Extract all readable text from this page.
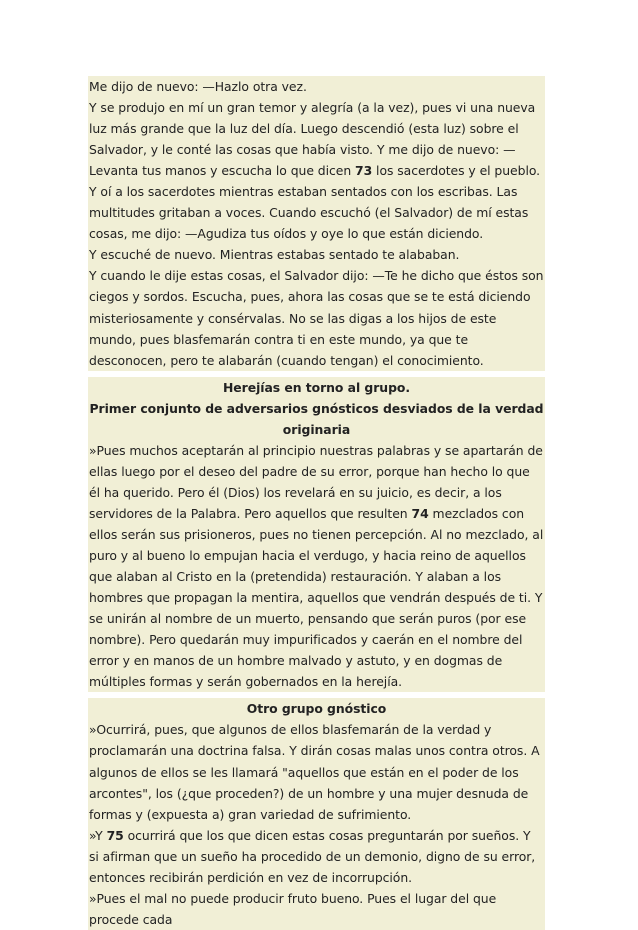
Me dijo de nuevo: —Hazlo otra vez.

Y se produjo en mí un gran temor y alegría (a la vez), pues vi una nueva luz más grande que la luz del día. Luego descendió (esta luz) sobre el Salvador, y le conté las cosas que había visto. Y me dijo de nuevo: —Levanta tus manos y escucha lo que dicen 73 los sacerdotes y el pueblo.

Y oí a los sacerdotes mientras estaban sentados con los escribas. Las multitudes gritaban a voces. Cuando escuchó (el Salvador) de mí estas cosas, me dijo: —Agudiza tus oídos y oye lo que están diciendo.

Y escuché de nuevo. Mientras estabas sentado te alababan.

Y cuando le dije estas cosas, el Salvador dijo: —Te he dicho que éstos son ciegos y sordos. Escucha, pues, ahora las cosas que se te está diciendo misteriosamente y consérvalas. No se las digas a los hijos de este mundo, pues blasfemarán contra ti en este mundo, ya que te desconocen, pero te alabarán (cuando tengan) el conocimiento.

Herejías en torno al grupo.

Primer conjunto de adversarios gnósticos desviados de la verdad originaria

»Pues muchos aceptarán al principio nuestras palabras y se apartarán de ellas luego por el deseo del padre de su error, porque han hecho lo que él ha querido. Pero él (Dios) los revelará en su juicio, es decir, a los servidores de la Palabra. Pero aquellos que resulten 74 mezclados con ellos serán sus prisioneros, pues no tienen percepción. Al no mezclado, al puro y al bueno lo empujan hacia el verdugo, y hacia reino de aquellos que alaban al Cristo en la (pretendida) restauración. Y alaban a los hombres que propagan la mentira, aquellos que vendrán después de ti. Y se unirán al nombre de un muerto, pensando que serán puros (por ese nombre). Pero quedarán muy impurificados y caerán en el nombre del error y en manos de un hombre malvado y astuto, y en dogmas de múltiples formas y serán gobernados en la herejía.

Otro grupo gnóstico

»Ocurrirá, pues, que algunos de ellos blasfemarán de la verdad y proclamarán una doctrina falsa. Y dirán cosas malas unos contra otros. A algunos de ellos se les llamará "aquellos que están en el poder de los arcontes", los (¿que proceden?) de un hombre y una mujer desnuda de formas y (expuesta a) gran variedad de sufrimiento.

»Y 75 ocurrirá que los que dicen estas cosas preguntarán por sueños. Y si afirman que un sueño ha procedido de un demonio, digno de su error, entonces recibirán perdición en vez de incorrupción.

»Pues el mal no puede producir fruto bueno. Pues el lugar del que procede cada
